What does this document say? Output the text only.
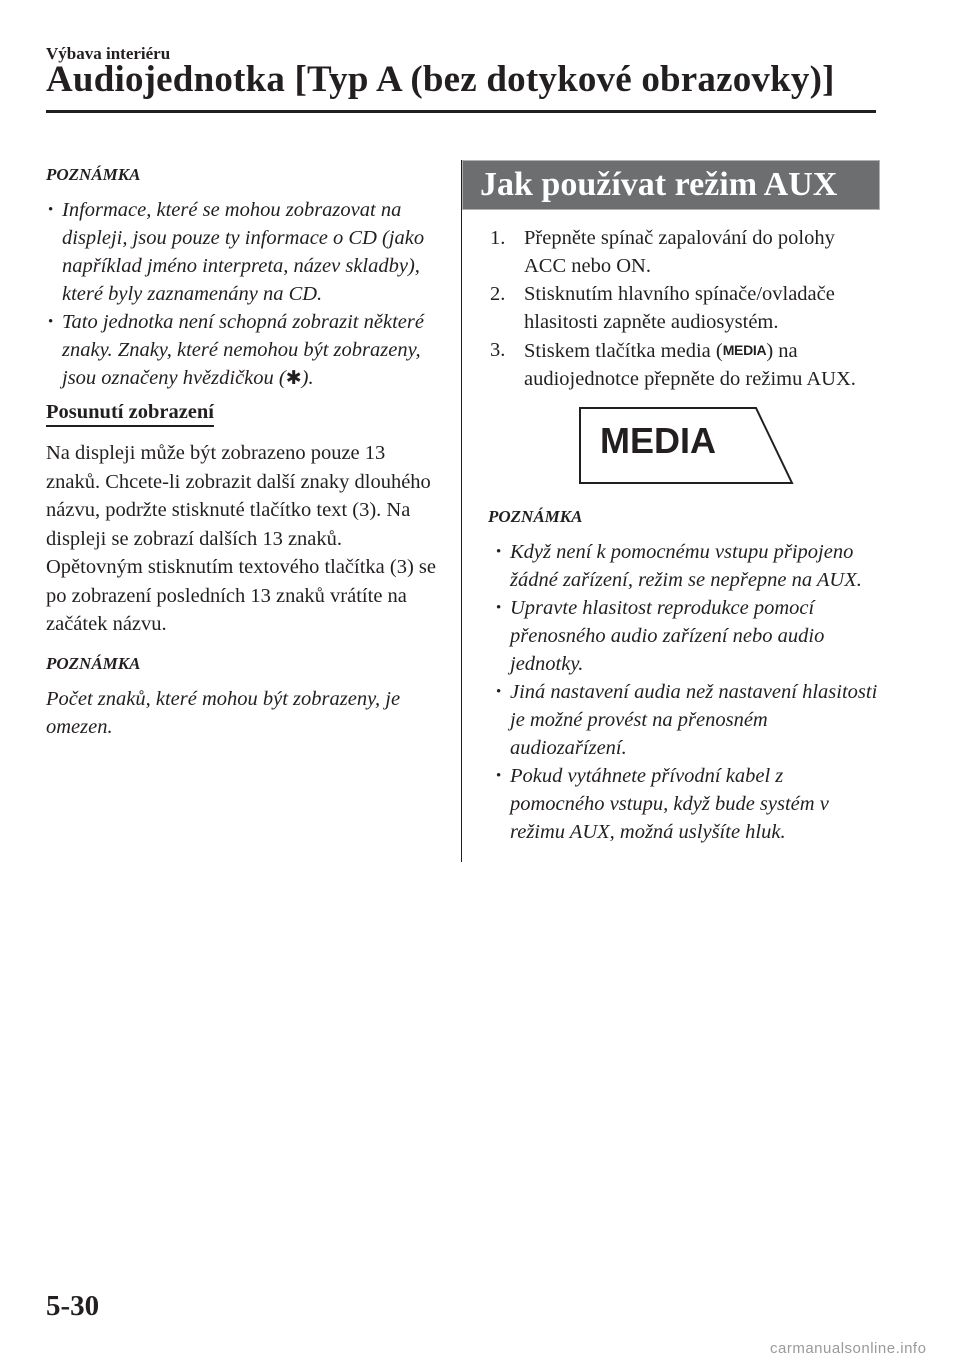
Výbava interiéru
Audiojednotka [Typ A (bez dotykové obrazovky)]
POZNÁMKA
• Informace, které se mohou zobrazovat na displeji, jsou pouze ty informace o CD (jako například jméno interpreta, název skladby), které byly zaznamenány na CD.
• Tato jednotka není schopná zobrazit některé znaky. Znaky, které nemohou být zobrazeny, jsou označeny hvězdičkou (✱).
Posunutí zobrazení

Na displeji může být zobrazeno pouze 13 znaků. Chcete-li zobrazit další znaky dlouhého názvu, podržte stisknuté tlačítko text (3). Na displeji se zobrazí dalších 13 znaků. Opětovným stisknutím textového tlačítka (3) se po zobrazení posledních 13 znaků vrátíte na začátek názvu.

POZNÁMKA

Počet znaků, které mohou být zobrazeny, je omezen.

Jak používat režim AUX
1. Přepněte spínač zapalování do polohy ACC nebo ON.
2. Stisknutím hlavního spínače/ovladače hlasitosti zapněte audiosystém.
3. Stiskem tlačítka media (MEDIA) na audiojednotce přepněte do režimu AUX.
MEDIA
POZNÁMKA
• Když není k pomocnému vstupu připojeno žádné zařízení, režim se nepřepne na AUX.
• Upravte hlasitost reprodukce pomocí přenosného audio zařízení nebo audio jednotky.
• Jiná nastavení audia než nastavení hlasitosti je možné provést na přenosném audiozařízení.
• Pokud vytáhnete přívodní kabel z pomocného vstupu, když bude systém v režimu AUX, možná uslyšíte hluk.
5-30
carmanualsonline.info
